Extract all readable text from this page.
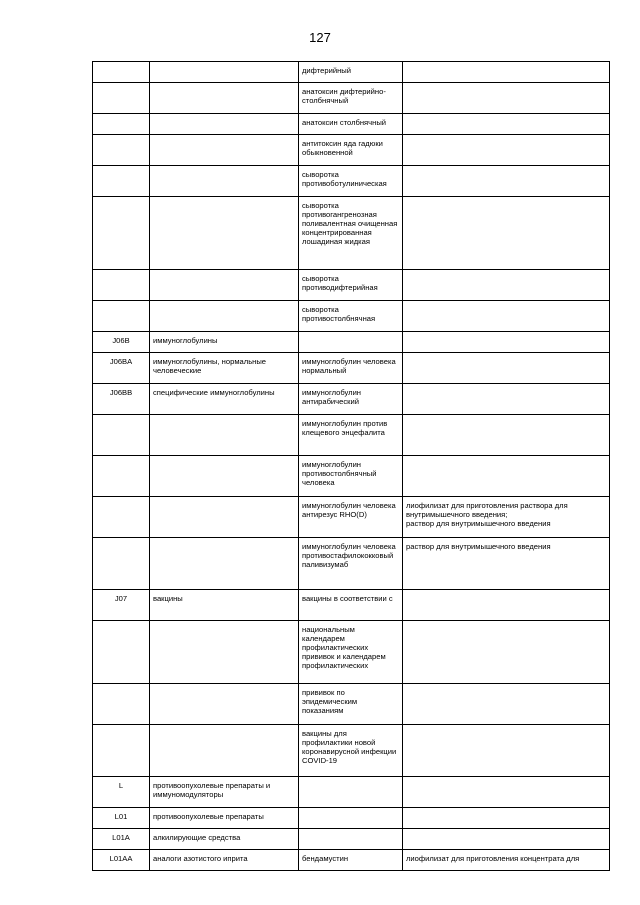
127
		дифтерийный	
		анатоксин дифтерийно-столбнячный	
		анатоксин столбнячный	
		антитоксин яда гадюки обыкновенной	
		сыворотка противоботулиническая	
		сыворотка противогангренозная поливалентная очищенная концентрированная лошадиная жидкая	
		сыворотка противодифтерийная	
		сыворотка противостолбнячная	
J06B	иммуноглобулины		
J06BA	иммуноглобулины, нормальные человеческие	иммуноглобулин человека нормальный	
J06BB	специфические иммуноглобулины	иммуноглобулин антирабический	
		иммуноглобулин против клещевого энцефалита	
		иммуноглобулин противостолбнячный человека	
		иммуноглобулин человека антирезус RHO(D)	лиофилизат для приготовления раствора для внутримышечного введения;
раствор для внутримышечного введения
		иммуноглобулин человека противостафилококковый паливизумаб	раствор для внутримышечного введения
J07	вакцины	вакцины в соответствии с	
		национальным календарем профилактических прививок и календарем профилактических	
		прививок по эпидемическим показаниям	
		вакцины для профилактики новой коронавирусной инфекции COVID-19	
L	противоопухолевые препараты и иммуномодуляторы		
L01	противоопухолевые препараты		
L01A	алкилирующие средства		
L01AA	аналоги азотистого иприта	бендамустин	лиофилизат для приготовления концентрата для
